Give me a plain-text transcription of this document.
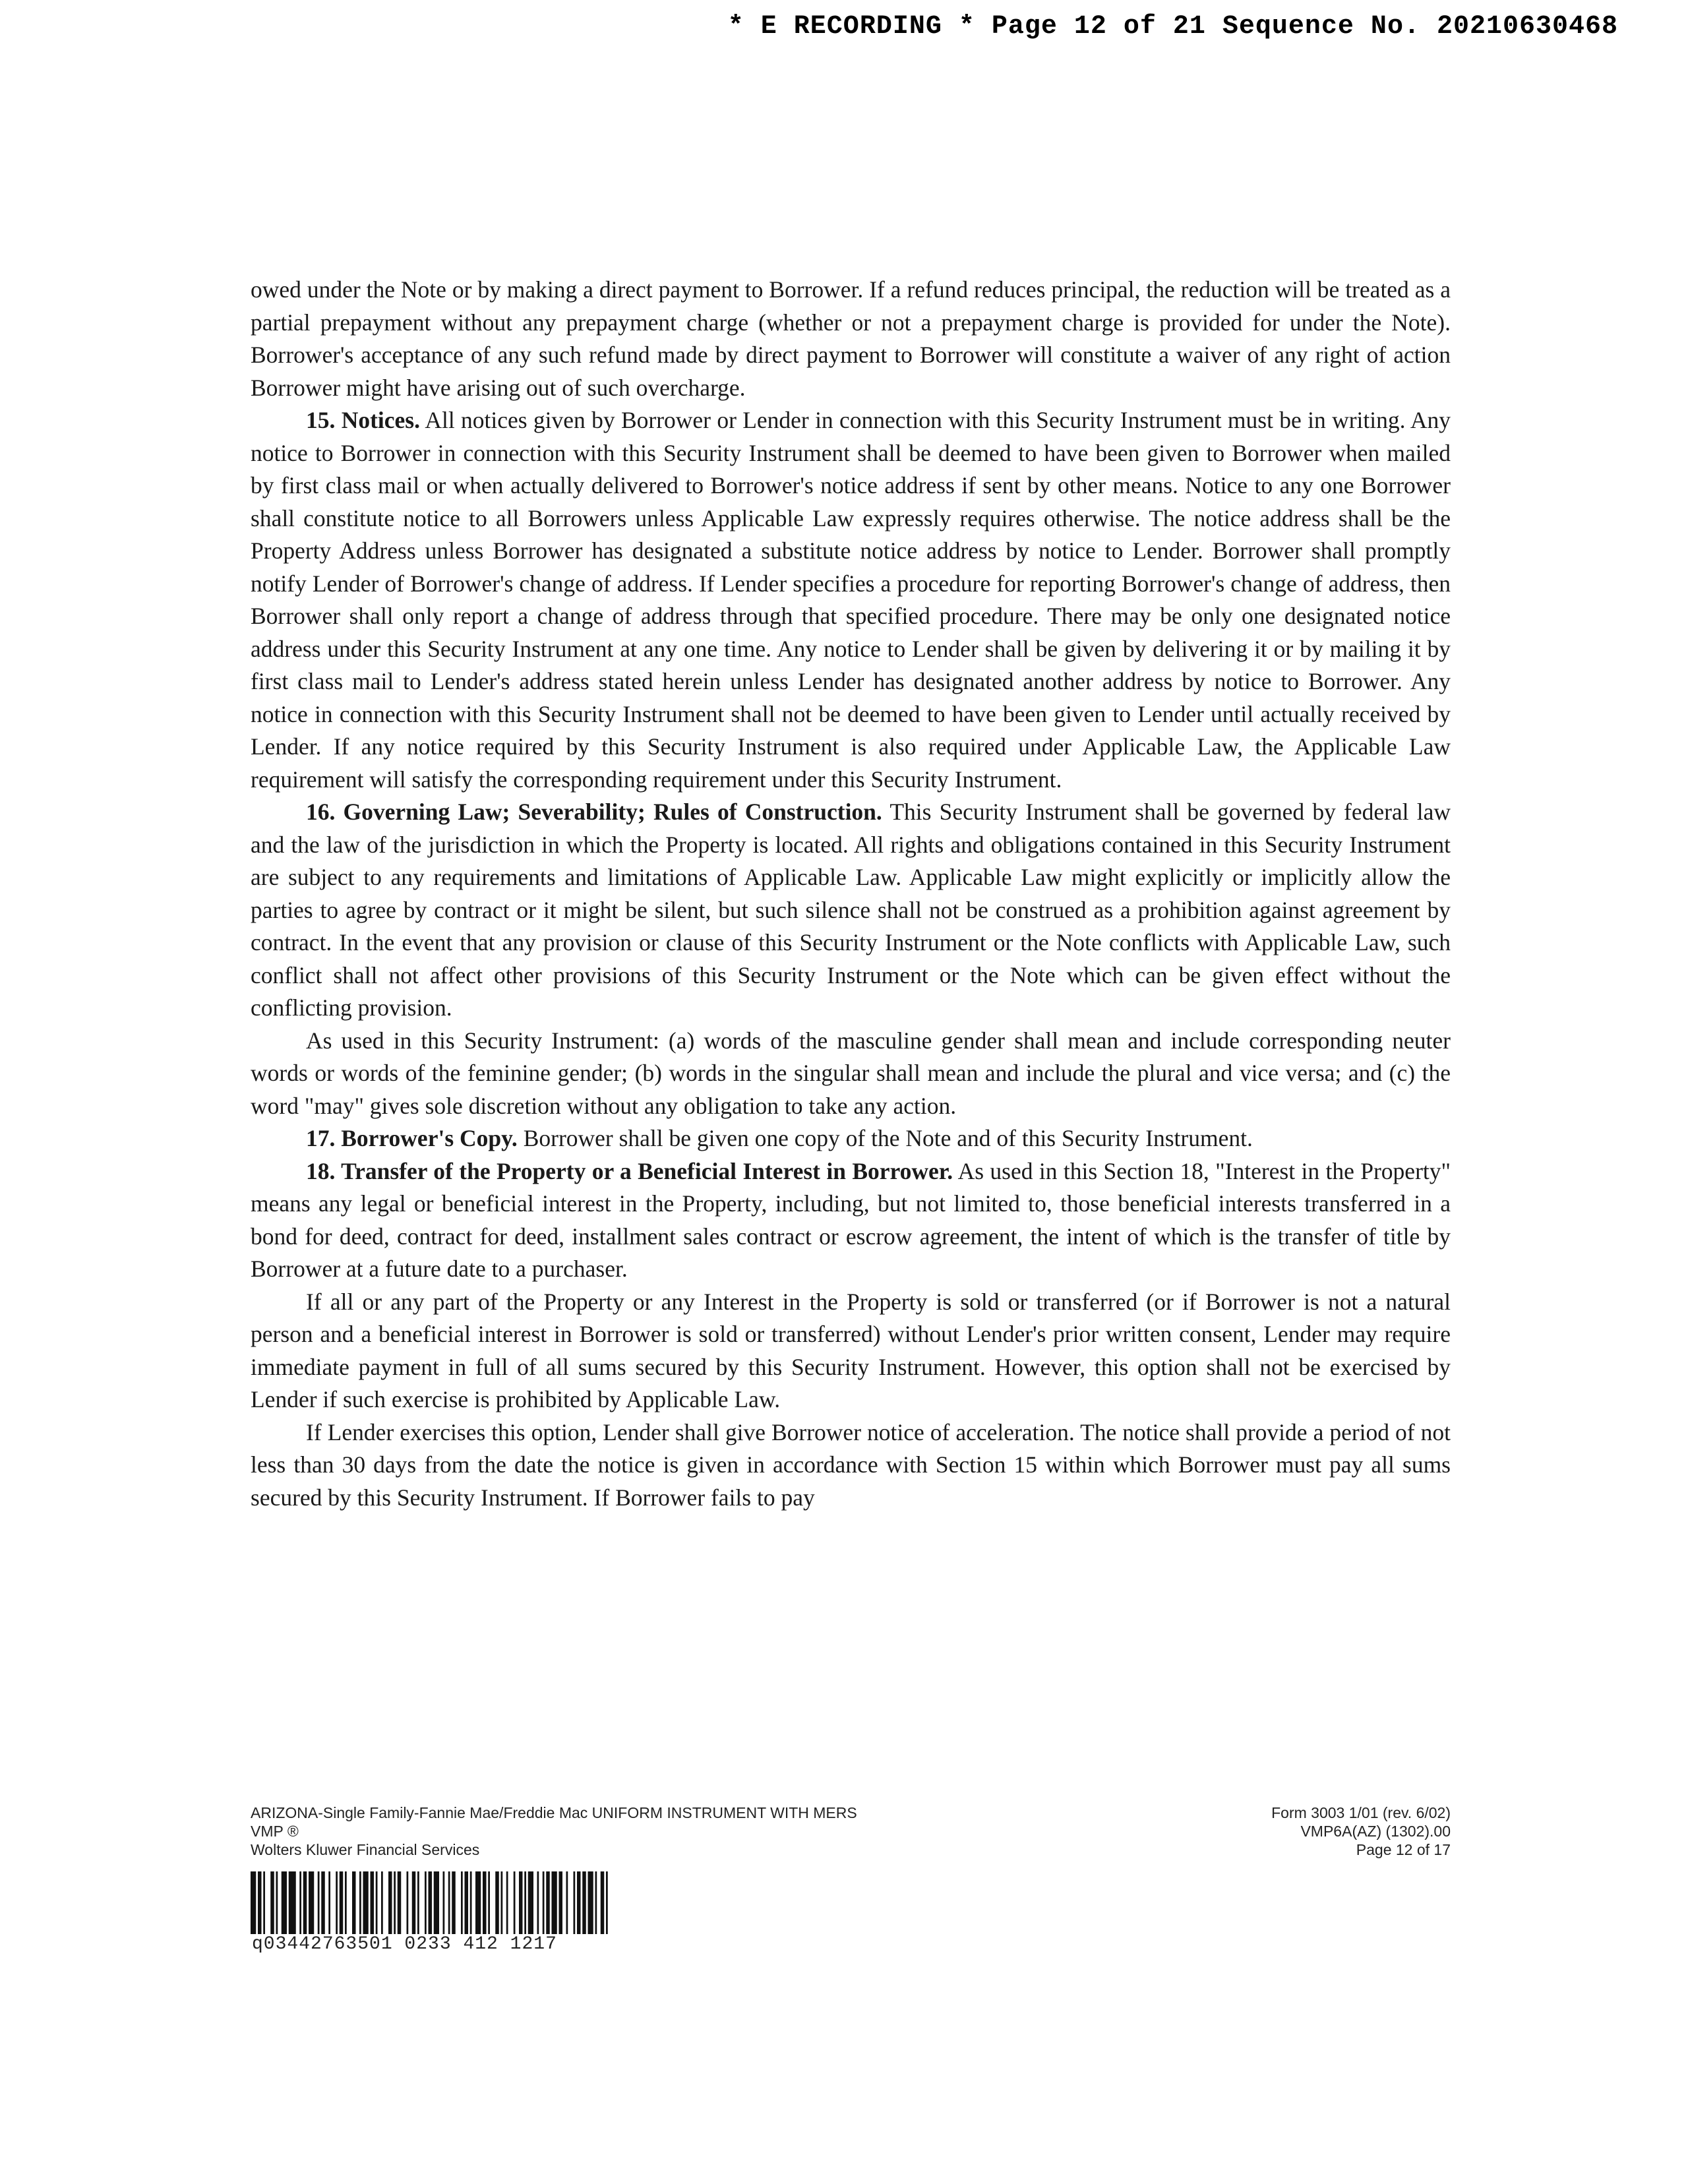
* E RECORDING * Page 12 of 21 Sequence No. 20210630468

owed under the Note or by making a direct payment to Borrower. If a refund reduces principal, the reduction will be treated as a partial prepayment without any prepayment charge (whether or not a prepayment charge is provided for under the Note). Borrower's acceptance of any such refund made by direct payment to Borrower will constitute a waiver of any right of action Borrower might have arising out of such overcharge.

15. Notices. All notices given by Borrower or Lender in connection with this Security Instrument must be in writing. Any notice to Borrower in connection with this Security Instrument shall be deemed to have been given to Borrower when mailed by first class mail or when actually delivered to Borrower's notice address if sent by other means. Notice to any one Borrower shall constitute notice to all Borrowers unless Applicable Law expressly requires otherwise. The notice address shall be the Property Address unless Borrower has designated a substitute notice address by notice to Lender. Borrower shall promptly notify Lender of Borrower's change of address. If Lender specifies a procedure for reporting Borrower's change of address, then Borrower shall only report a change of address through that specified procedure. There may be only one designated notice address under this Security Instrument at any one time. Any notice to Lender shall be given by delivering it or by mailing it by first class mail to Lender's address stated herein unless Lender has designated another address by notice to Borrower. Any notice in connection with this Security Instrument shall not be deemed to have been given to Lender until actually received by Lender. If any notice required by this Security Instrument is also required under Applicable Law, the Applicable Law requirement will satisfy the corresponding requirement under this Security Instrument.

16. Governing Law; Severability; Rules of Construction. This Security Instrument shall be governed by federal law and the law of the jurisdiction in which the Property is located. All rights and obligations contained in this Security Instrument are subject to any requirements and limitations of Applicable Law. Applicable Law might explicitly or implicitly allow the parties to agree by contract or it might be silent, but such silence shall not be construed as a prohibition against agreement by contract. In the event that any provision or clause of this Security Instrument or the Note conflicts with Applicable Law, such conflict shall not affect other provisions of this Security Instrument or the Note which can be given effect without the conflicting provision.

As used in this Security Instrument: (a) words of the masculine gender shall mean and include corresponding neuter words or words of the feminine gender; (b) words in the singular shall mean and include the plural and vice versa; and (c) the word "may" gives sole discretion without any obligation to take any action.

17. Borrower's Copy. Borrower shall be given one copy of the Note and of this Security Instrument.

18. Transfer of the Property or a Beneficial Interest in Borrower. As used in this Section 18, "Interest in the Property" means any legal or beneficial interest in the Property, including, but not limited to, those beneficial interests transferred in a bond for deed, contract for deed, installment sales contract or escrow agreement, the intent of which is the transfer of title by Borrower at a future date to a purchaser.

If all or any part of the Property or any Interest in the Property is sold or transferred (or if Borrower is not a natural person and a beneficial interest in Borrower is sold or transferred) without Lender's prior written consent, Lender may require immediate payment in full of all sums secured by this Security Instrument. However, this option shall not be exercised by Lender if such exercise is prohibited by Applicable Law.

If Lender exercises this option, Lender shall give Borrower notice of acceleration. The notice shall provide a period of not less than 30 days from the date the notice is given in accordance with Section 15 within which Borrower must pay all sums secured by this Security Instrument. If Borrower fails to pay

ARIZONA-Single Family-Fannie Mae/Freddie Mac UNIFORM INSTRUMENT WITH MERS
VMP ®
Wolters Kluwer Financial Services
Form 3003 1/01 (rev. 6/02)
VMP6A(AZ) (1302).00
Page 12 of 17
q03442763501 0233 412 1217
